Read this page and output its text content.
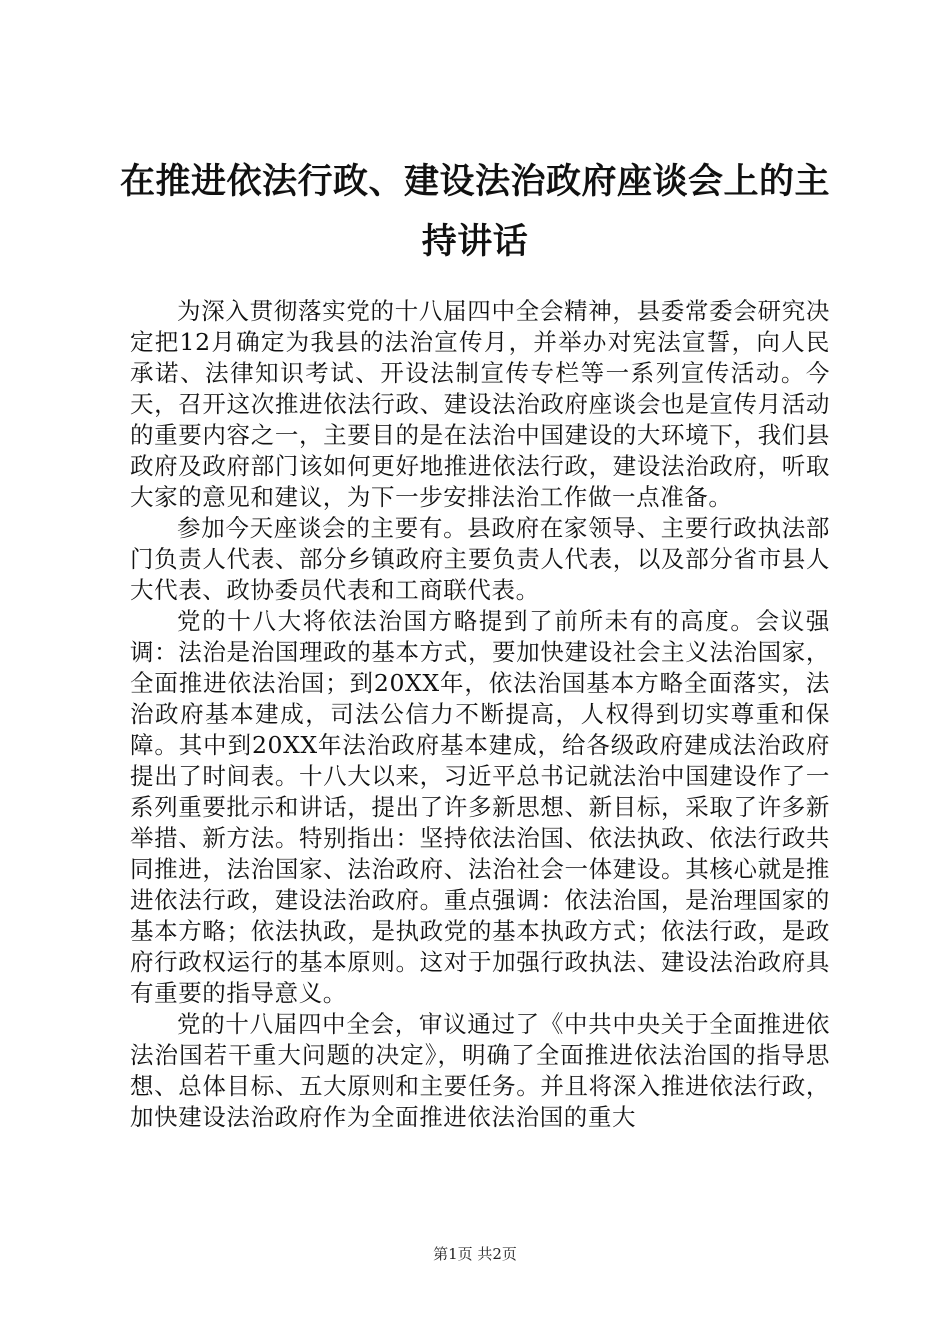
在推进依法行政、建设法治政府座谈会上的主持讲话

为深入贯彻落实党的十八届四中全会精神，县委常委会研究决定把12月确定为我县的法治宣传月，并举办对宪法宣誓，向人民承诺、法律知识考试、开设法制宣传专栏等一系列宣传活动。今天，召开这次推进依法行政、建设法治政府座谈会也是宣传月活动的重要内容之一，主要目的是在法治中国建设的大环境下，我们县政府及政府部门该如何更好地推进依法行政，建设法治政府，听取大家的意见和建议，为下一步安排法治工作做一点准备。

参加今天座谈会的主要有。县政府在家领导、主要行政执法部门负责人代表、部分乡镇政府主要负责人代表，以及部分省市县人大代表、政协委员代表和工商联代表。

党的十八大将依法治国方略提到了前所未有的高度。会议强调：法治是治国理政的基本方式，要加快建设社会主义法治国家，全面推进依法治国；到20XX年，依法治国基本方略全面落实，法治政府基本建成，司法公信力不断提高，人权得到切实尊重和保障。其中到20XX年法治政府基本建成，给各级政府建成法治政府提出了时间表。十八大以来，习近平总书记就法治中国建设作了一系列重要批示和讲话，提出了许多新思想、新目标，采取了许多新举措、新方法。特别指出：坚持依法治国、依法执政、依法行政共同推进，法治国家、法治政府、法治社会一体建设。其核心就是推进依法行政，建设法治政府。重点强调：依法治国，是治理国家的基本方略；依法执政，是执政党的基本执政方式；依法行政，是政府行政权运行的基本原则。这对于加强行政执法、建设法治政府具有重要的指导意义。

党的十八届四中全会，审议通过了《中共中央关于全面推进依法治国若干重大问题的决定》，明确了全面推进依法治国的指导思想、总体目标、五大原则和主要任务。并且将深入推进依法行政，加快建设法治政府作为全面推进依法治国的重大

第1页 共2页
